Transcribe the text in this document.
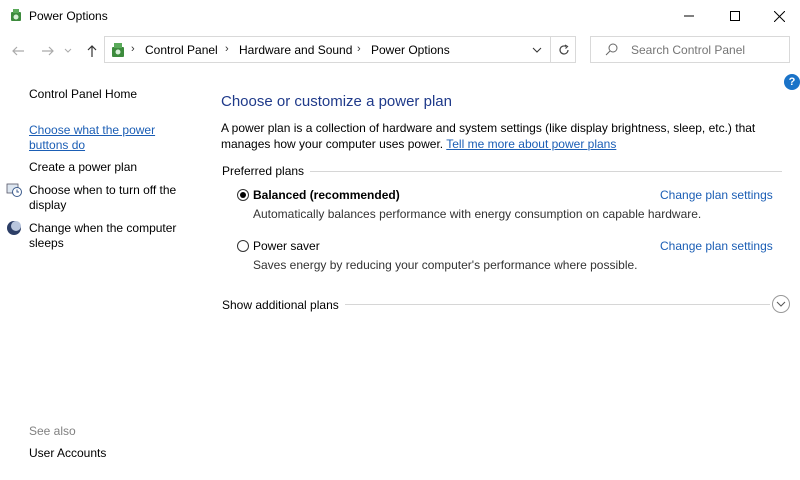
Power Options
› Control Panel › Hardware and Sound › Power Options
Search Control Panel
?
Control Panel Home
Choose what the power
buttons do
Create a power plan
Choose when to turn off the
display
Change when the computer
sleeps
See also
User Accounts
Choose or customize a power plan
A power plan is a collection of hardware and system settings (like display brightness, sleep, etc.) that
manages how your computer uses power. Tell me more about power plans
Preferred plans
Balanced (recommended)	Change plan settings
Automatically balances performance with energy consumption on capable hardware.
Power saver	Change plan settings
Saves energy by reducing your computer's performance where possible.
Show additional plans
